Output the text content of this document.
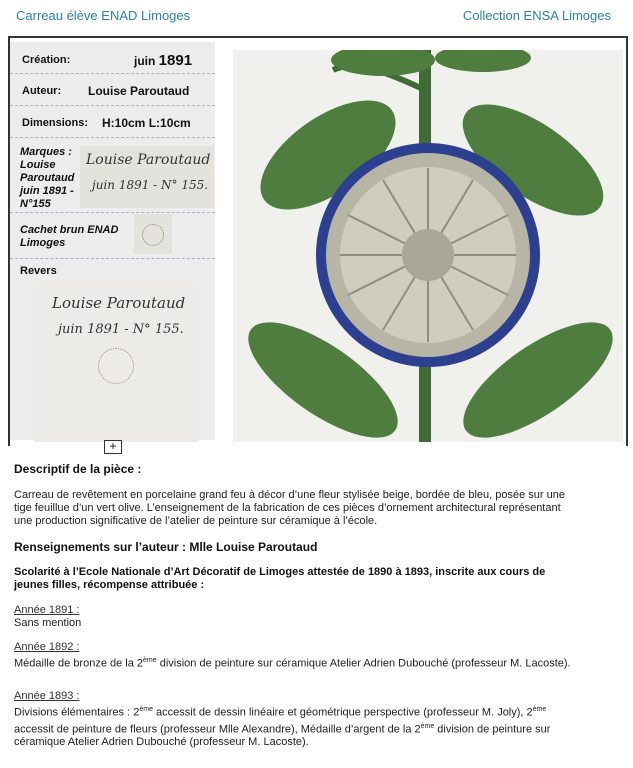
Carreau élève ENAD Limoges	Collection ENSA Limoges
Création:	juin 1891
Auteur: Louise Paroutaud
Dimensions: H:10cm L:10cm
Marques : Louise Paroutaud juin 1891 - N°155
Louise Paroutaud
juin 1891 - N° 155.
Cachet brun ENAD Limoges
Revers
Louise Paroutaud
juin 1891 - N° 155.
+
Descriptif de la pièce :
Carreau de revêtement en porcelaine grand feu à décor d’une fleur stylisée beige, bordée de bleu, posée sur une tige feuillue d’un vert olive. L’enseignement de la fabrication de ces pièces d’ornement architectural représentant une production significative de l’atelier de peinture sur céramique à l’école.
Renseignements sur l’auteur : Mlle Louise Paroutaud
Scolarité à l’Ecole Nationale d’Art Décoratif de Limoges attestée de 1890 à 1893, inscrite aux cours de jeunes filles, récompense attribuée :
Année 1891 :
Sans mention
Année 1892 :
Médaille de bronze de la 2ème division de peinture sur céramique Atelier Adrien Dubouché (professeur M. Lacoste).
Année 1893 :
Divisions élémentaires : 2ème accessit de dessin linéaire et géométrique perspective (professeur M. Joly), 2ème accessit de peinture de fleurs (professeur Mlle Alexandre), Médaille d’argent de la 2ème division de peinture sur céramique Atelier Adrien Dubouché (professeur M. Lacoste).
